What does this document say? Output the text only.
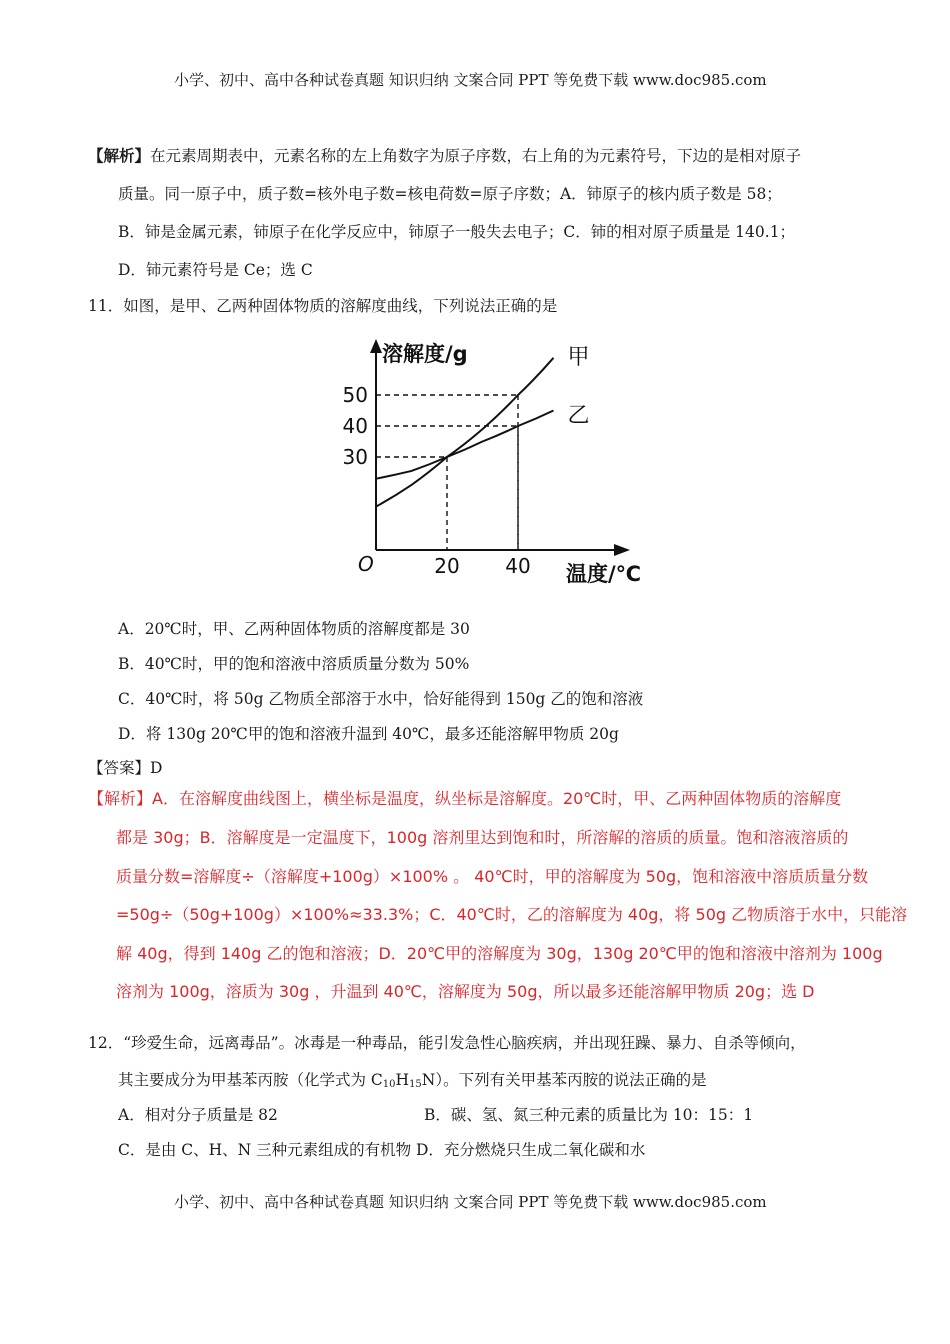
小学、初中、高中各种试卷真题 知识归纳 文案合同 PPT 等免费下载 www.doc985.com
【解析】在元素周期表中，元素名称的左上角数字为原子序数，右上角的为元素符号，下边的是相对原子
质量。同一原子中，质子数=核外电子数=核电荷数=原子序数；A．铈原子的核内质子数是 58；
B．铈是金属元素，铈原子在化学反应中，铈原子一般失去电子；C．铈的相对原子质量是 140.1；
D．铈元素符号是 Ce；选 C
11．如图，是甲、乙两种固体物质的溶解度曲线，下列说法正确的是
甲
乙
溶解度/g
温度/℃
O	20 40
30
40
50
A．20℃时，甲、乙两种固体物质的溶解度都是 30
B．40℃时，甲的饱和溶液中溶质质量分数为 50%
C．40℃时，将 50g 乙物质全部溶于水中，恰好能得到 150g 乙的饱和溶液
D．将 130g 20℃甲的饱和溶液升温到 40℃，最多还能溶解甲物质 20g
【答案】D
【解析】A．在溶解度曲线图上，横坐标是温度，纵坐标是溶解度。20℃时，甲、乙两种固体物质的溶解度
都是 30g；B．溶解度是一定温度下，100g 溶剂里达到饱和时，所溶解的溶质的质量。饱和溶液溶质的
质量分数=溶解度÷（溶解度+100g）×100% 。 40℃时，甲的溶解度为 50g，饱和溶液中溶质质量分数
=50g÷（50g+100g）×100%≈33.3%；C．40℃时，乙的溶解度为 40g，将 50g 乙物质溶于水中，只能溶
解 40g，得到 140g 乙的饱和溶液；D．20℃甲的溶解度为 30g，130g 20℃甲的饱和溶液中溶剂为 100g
溶剂为 100g，溶质为 30g ，升温到 40℃，溶解度为 50g，所以最多还能溶解甲物质 20g；选 D
12．“珍爱生命，远离毒品”。冰毒是一种毒品，能引发急性心脑疾病，并出现狂躁、暴力、自杀等倾向，
其主要成分为甲基苯丙胺（化学式为 $C_{10}H_{15}N$）。下列有关甲基苯丙胺的说法正确的是
A．相对分子质量是 82	B．碳、氢、氮三种元素的质量比为 10：15：1
C．是由 C、H、N 三种元素组成的有机物 D．充分燃烧只生成二氧化碳和水
小学、初中、高中各种试卷真题 知识归纳 文案合同 PPT 等免费下载 www.doc985.com
